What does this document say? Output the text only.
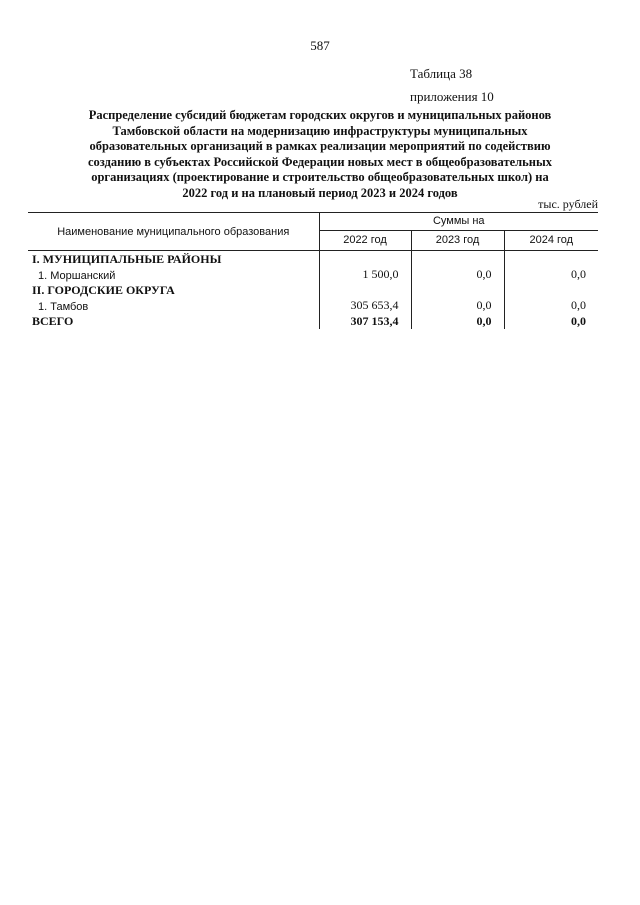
587
Таблица 38
приложения 10
Распределение субсидий бюджетам городских округов и муниципальных районов
Тамбовской области на модернизацию инфраструктуры муниципальных
образовательных организаций в рамках реализации мероприятий по содействию
созданию в субъектах Российской Федерации новых мест в общеобразовательных
организациях (проектирование и строительство общеобразовательных школ) на
2022 год и на плановый период 2023 и 2024 годов
тыс. рублей
Наименование муниципального образования	Суммы на		
	2022 год	2023 год	2024 год
I. МУНИЦИПАЛЬНЫЕ РАЙОНЫ			
1. Моршанский	1 500,0	0,0	0,0
II. ГОРОДСКИЕ ОКРУГА			
1. Тамбов	305 653,4	0,0	0,0
ВСЕГО	307 153,4	0,0	0,0
